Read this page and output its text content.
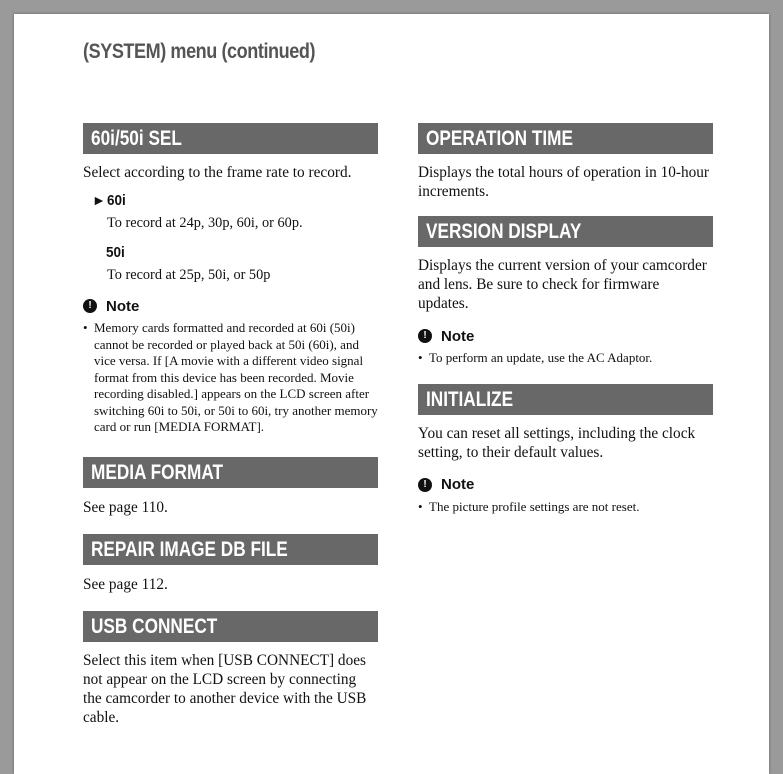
(SYSTEM) menu (continued)
60i/50i SEL
Select according to the frame rate to record.
► 60i
To record at 24p, 30p, 60i, or 60p.
50i
To record at 25p, 50i, or 50p
! Note
• Memory cards formatted and recorded at 60i (50i) cannot be recorded or played back at 50i (60i), and vice versa. If [A movie with a different video signal format from this device has been recorded. Movie recording disabled.] appears on the LCD screen after switching 60i to 50i, or 50i to 60i, try another memory card or run [MEDIA FORMAT].
MEDIA FORMAT
See page 110.
REPAIR IMAGE DB FILE
See page 112.
USB CONNECT
Select this item when [USB CONNECT] does not appear on the LCD screen by connecting the camcorder to another device with the USB cable.
OPERATION TIME
Displays the total hours of operation in 10-hour increments.
VERSION DISPLAY
Displays the current version of your camcorder and lens. Be sure to check for firmware updates.
! Note
• To perform an update, use the AC Adaptor.
INITIALIZE
You can reset all settings, including the clock setting, to their default values.
! Note
• The picture profile settings are not reset.
